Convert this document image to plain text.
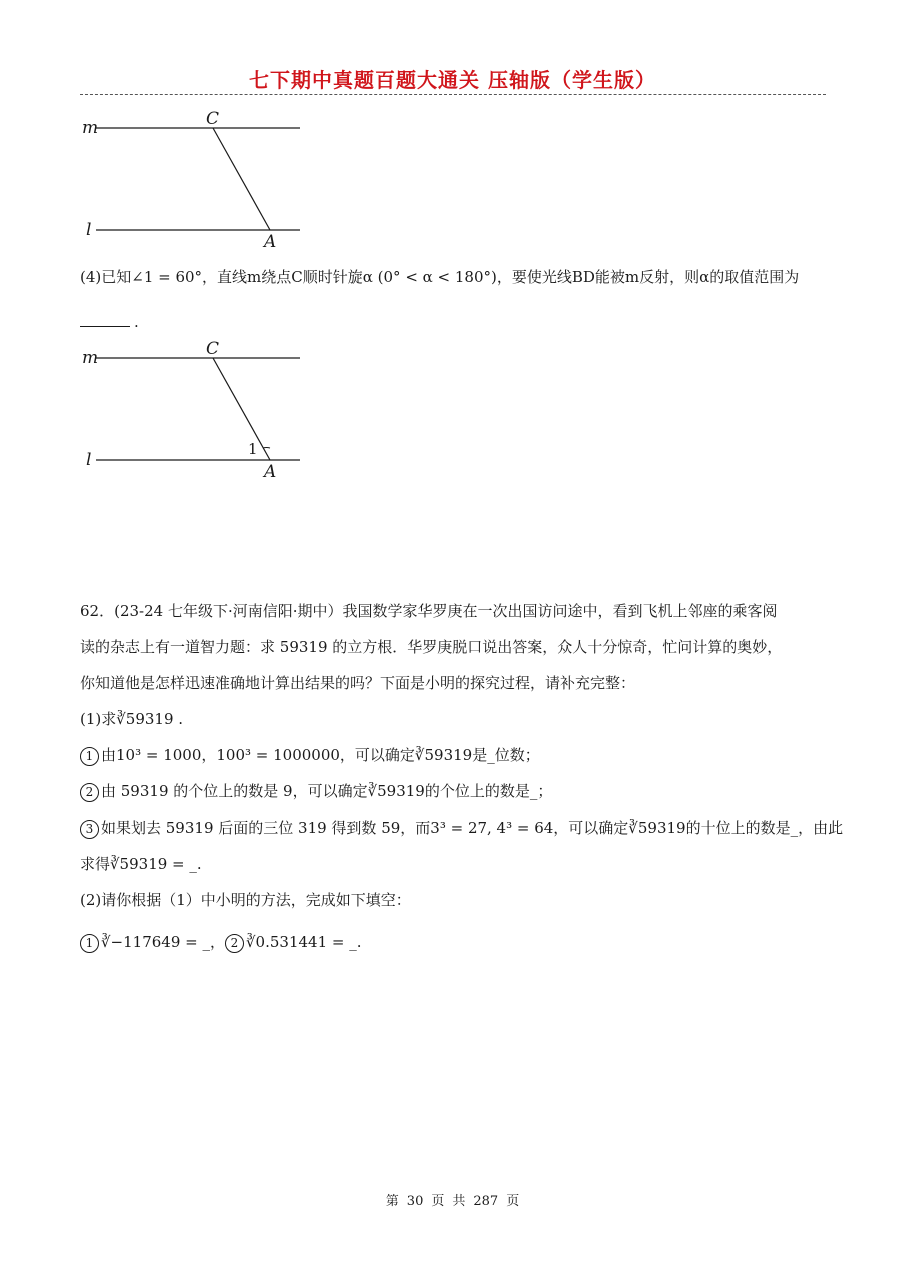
七下期中真题百题大通关 压轴版（学生版）
m
l
C
A
(4)已知∠1 = 60°，直线m绕点C顺时针旋α (0° < α < 180°)，要使光线BD能被m反射，则α的取值范围为
.
m
l
C
A
1
62．(23-24 七年级下·河南信阳·期中）我国数学家华罗庚在一次出国访问途中，看到飞机上邻座的乘客阅
读的杂志上有一道智力题：求 59319 的立方根．华罗庚脱口说出答案，众人十分惊奇，忙问计算的奥妙，
你知道他是怎样迅速准确地计算出结果的吗？下面是小明的探究过程，请补充完整：
(1)求∛59319 .
1 由10³ = 1000，100³ = 1000000，可以确定∛59319是_位数；
2 由 59319 的个位上的数是 9，可以确定∛59319的个位上的数是_；
3 如果划去 59319 后面的三位 319 得到数 59，而3³ = 27, 4³ = 64，可以确定∛59319的十位上的数是_，由此
求得∛59319 = _.
(2)请你根据（1）中小明的方法，完成如下填空：
1 ∛−117649 = _， 2 ∛0.531441 = _.
第 30 页 共 287 页
